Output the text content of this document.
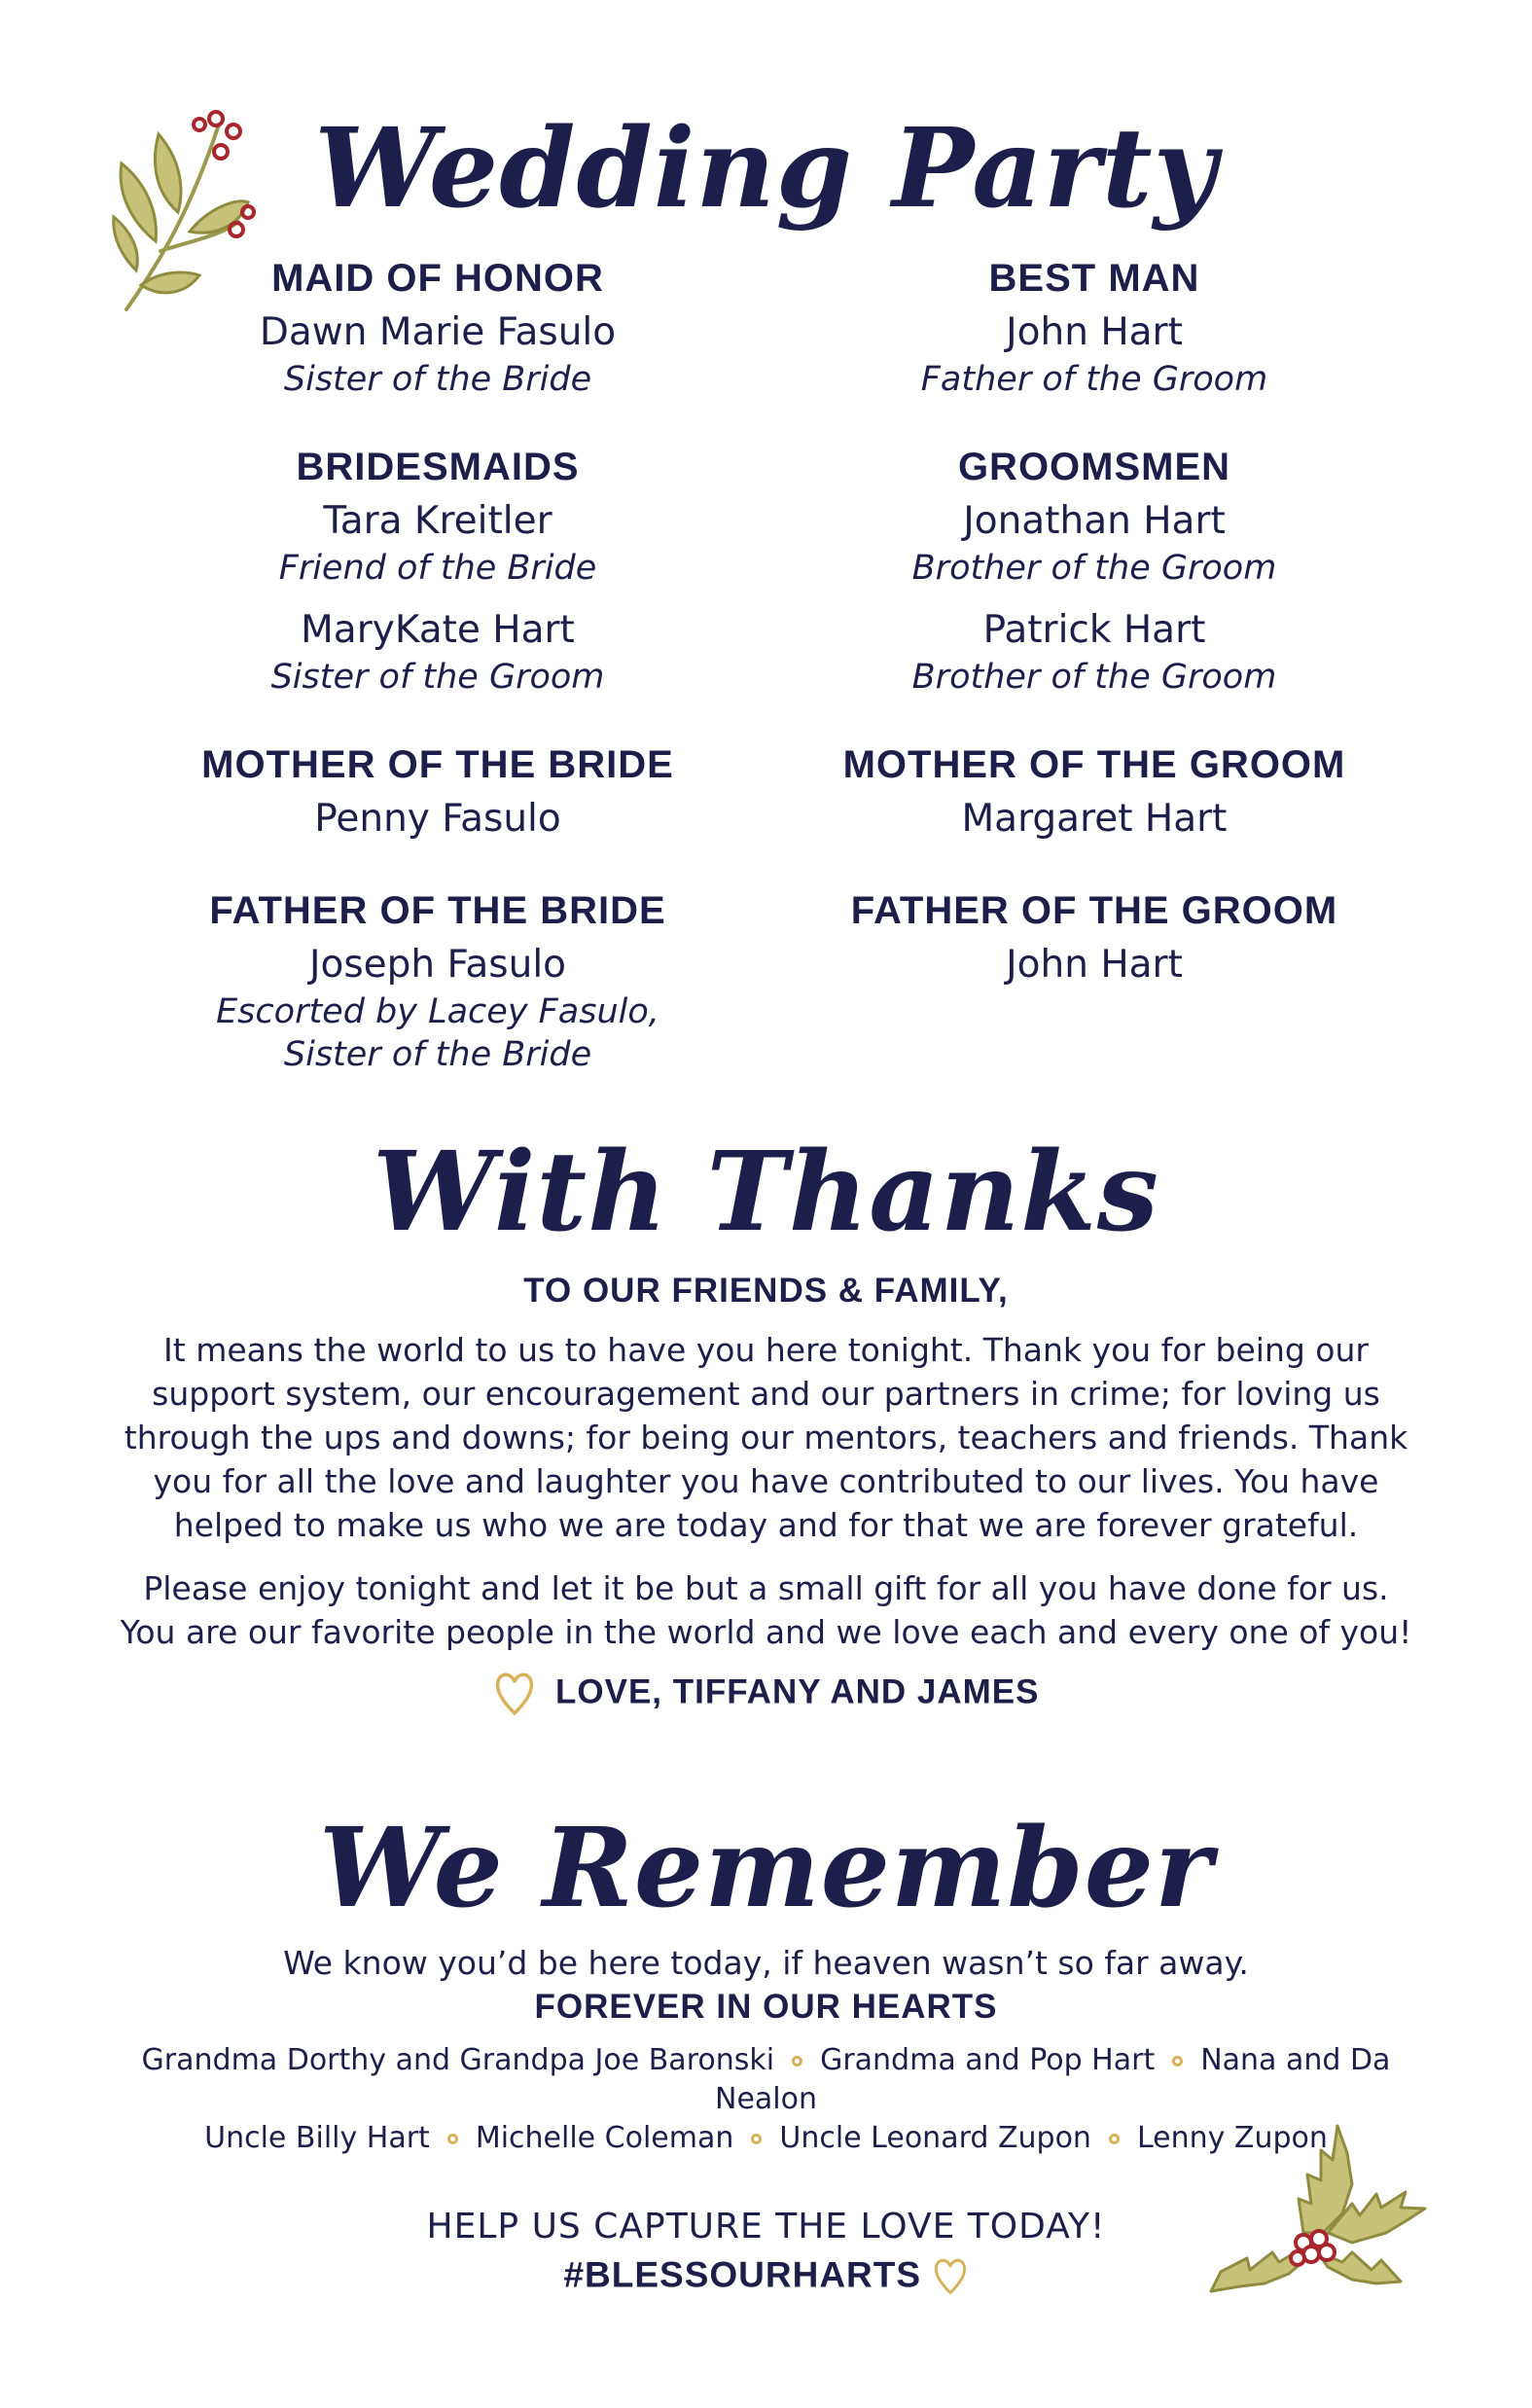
Wedding Party

MAID OF HONOR

Dawn Marie Fasulo

Sister of the Bride

BRIDESMAIDS

Tara Kreitler

Friend of the Bride

MaryKate Hart

Sister of the Groom

MOTHER OF THE BRIDE

Penny Fasulo

FATHER OF THE BRIDE

Joseph Fasulo

Escorted by Lacey Fasulo,

Sister of the Bride

BEST MAN

John Hart

Father of the Groom

GROOMSMEN

Jonathan Hart

Brother of the Groom

Patrick Hart

Brother of the Groom

MOTHER OF THE GROOM

Margaret Hart

FATHER OF THE GROOM

John Hart

With Thanks
TO OUR FRIENDS & FAMILY,
It means the world to us to have you here tonight. Thank you for being our
support system, our encouragement and our partners in crime; for loving us
through the ups and downs; for being our mentors, teachers and friends. Thank
you for all the love and laughter you have contributed to our lives. You have
helped to make us who we are today and for that we are forever grateful.
Please enjoy tonight and let it be but a small gift for all you have done for us.
You are our favorite people in the world and we love each and every one of you!
LOVE, TIFFANY AND JAMES
We Remember
We know you’d be here today, if heaven wasn’t so far away.
FOREVER IN OUR HEARTS
Grandma Dorthy and Grandpa Joe Baronski Grandma and Pop Hart Nana and Da Nealon
Uncle Billy Hart Michelle Coleman Uncle Leonard Zupon Lenny Zupon
HELP US CAPTURE THE LOVE TODAY!
#BLESSOURHARTS
